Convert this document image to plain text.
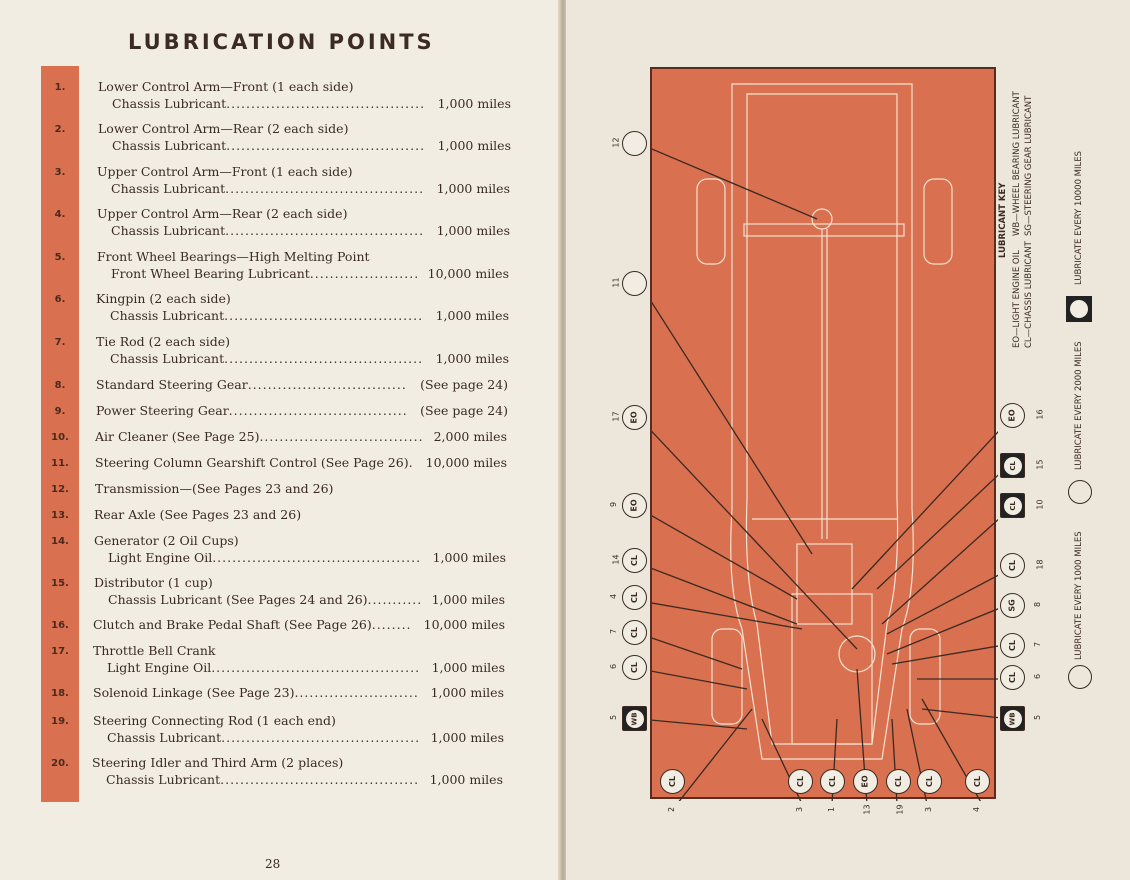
LUBRICATION POINTS
1.	Lower Control Arm—Front (1 each side)
Chassis Lubricant........................................ 1,000 miles
2.	Lower Control Arm—Rear (2 each side)
Chassis Lubricant........................................ 1,000 miles
3.	Upper Control Arm—Front (1 each side)
Chassis Lubricant........................................ 1,000 miles
4.	Upper Control Arm—Rear (2 each side)
Chassis Lubricant........................................ 1,000 miles
5.	Front Wheel Bearings—High Melting Point
Front Wheel Bearing Lubricant...................... 10,000 miles
6.	Kingpin (2 each side)
Chassis Lubricant........................................ 1,000 miles
7.	Tie Rod (2 each side)
Chassis Lubricant........................................ 1,000 miles
8.	Standard Steering Gear................................ (See page 24)
9.	Power Steering Gear.................................... (See page 24)
10.	Air Cleaner (See Page 25)................................. 2,000 miles
11.	Steering Column Gearshift Control (See Page 26). 10,000 miles
12.	Transmission—(See Pages 23 and 26)
13.	Rear Axle (See Pages 23 and 26)
14.	Generator (2 Oil Cups)
Light Engine Oil.......................................... 1,000 miles
15.	Distributor (1 cup)
Chassis Lubricant (See Pages 24 and 26)........... 1,000 miles
16.	Clutch and Brake Pedal Shaft (See Page 26)........ 10,000 miles
17.	Throttle Bell Crank
Light Engine Oil.......................................... 1,000 miles
18.	Solenoid Linkage (See Page 23)......................... 1,000 miles
19.	Steering Connecting Rod (1 each end)
Chassis Lubricant........................................ 1,000 miles
20.	Steering Idler and Third Arm (2 places)
Chassis Lubricant........................................ 1,000 miles
28
12
11
EO
17
EO
9
CL
14
CL
4
CL
7
CL
6
WB
5
EO 16
CL 15
CL 10
CL 18
SG 8
CL 7
CL 6
WB 5
CL
2
CL
3
CL
1
EO
13
CL
19
CL
3
CL
4
LUBRICANT KEY
EO—LIGHT ENGINE OIL CL—CHASSIS LUBRICANT
WB—WHEEL BEARING LUBRICANT SG—STEERING GEAR LUBRICANT
LUBRICATE EVERY 1000 MILES
LUBRICATE EVERY 2000 MILES
LUBRICATE EVERY 10000 MILES
